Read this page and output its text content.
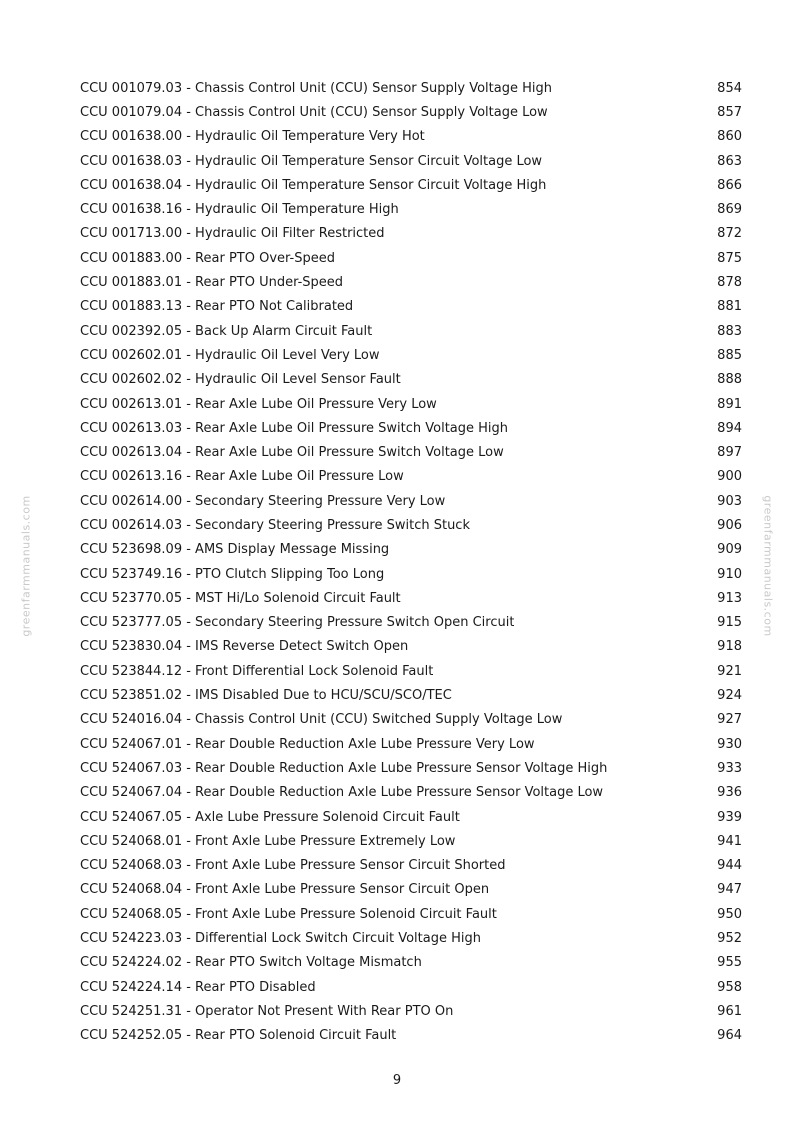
greenfarmmanuals.com	greenfarmmanuals.com
CCU 001079.03 - Chassis Control Unit (CCU) Sensor Supply Voltage High	854
CCU 001079.04 - Chassis Control Unit (CCU) Sensor Supply Voltage Low	857
CCU 001638.00 - Hydraulic Oil Temperature Very Hot	860
CCU 001638.03 - Hydraulic Oil Temperature Sensor Circuit Voltage Low	863
CCU 001638.04 - Hydraulic Oil Temperature Sensor Circuit Voltage High	866
CCU 001638.16 - Hydraulic Oil Temperature High	869
CCU 001713.00 - Hydraulic Oil Filter Restricted	872
CCU 001883.00 - Rear PTO Over-Speed	875
CCU 001883.01 - Rear PTO Under-Speed	878
CCU 001883.13 - Rear PTO Not Calibrated	881
CCU 002392.05 - Back Up Alarm Circuit Fault	883
CCU 002602.01 - Hydraulic Oil Level Very Low	885
CCU 002602.02 - Hydraulic Oil Level Sensor Fault	888
CCU 002613.01 - Rear Axle Lube Oil Pressure Very Low	891
CCU 002613.03 - Rear Axle Lube Oil Pressure Switch Voltage High	894
CCU 002613.04 - Rear Axle Lube Oil Pressure Switch Voltage Low	897
CCU 002613.16 - Rear Axle Lube Oil Pressure Low	900
CCU 002614.00 - Secondary Steering Pressure Very Low	903
CCU 002614.03 - Secondary Steering Pressure Switch Stuck	906
CCU 523698.09 - AMS Display Message Missing	909
CCU 523749.16 - PTO Clutch Slipping Too Long	910
CCU 523770.05 - MST Hi/Lo Solenoid Circuit Fault	913
CCU 523777.05 - Secondary Steering Pressure Switch Open Circuit	915
CCU 523830.04 - IMS Reverse Detect Switch Open	918
CCU 523844.12 - Front Differential Lock Solenoid Fault	921
CCU 523851.02 - IMS Disabled Due to HCU/SCU/SCO/TEC	924
CCU 524016.04 - Chassis Control Unit (CCU) Switched Supply Voltage Low	927
CCU 524067.01 - Rear Double Reduction Axle Lube Pressure Very Low	930
CCU 524067.03 - Rear Double Reduction Axle Lube Pressure Sensor Voltage High	933
CCU 524067.04 - Rear Double Reduction Axle Lube Pressure Sensor Voltage Low	936
CCU 524067.05 - Axle Lube Pressure Solenoid Circuit Fault	939
CCU 524068.01 - Front Axle Lube Pressure Extremely Low	941
CCU 524068.03 - Front Axle Lube Pressure Sensor Circuit Shorted	944
CCU 524068.04 - Front Axle Lube Pressure Sensor Circuit Open	947
CCU 524068.05 - Front Axle Lube Pressure Solenoid Circuit Fault	950
CCU 524223.03 - Differential Lock Switch Circuit Voltage High	952
CCU 524224.02 - Rear PTO Switch Voltage Mismatch	955
CCU 524224.14 - Rear PTO Disabled	958
CCU 524251.31 - Operator Not Present With Rear PTO On	961
CCU 524252.05 - Rear PTO Solenoid Circuit Fault	964
9
